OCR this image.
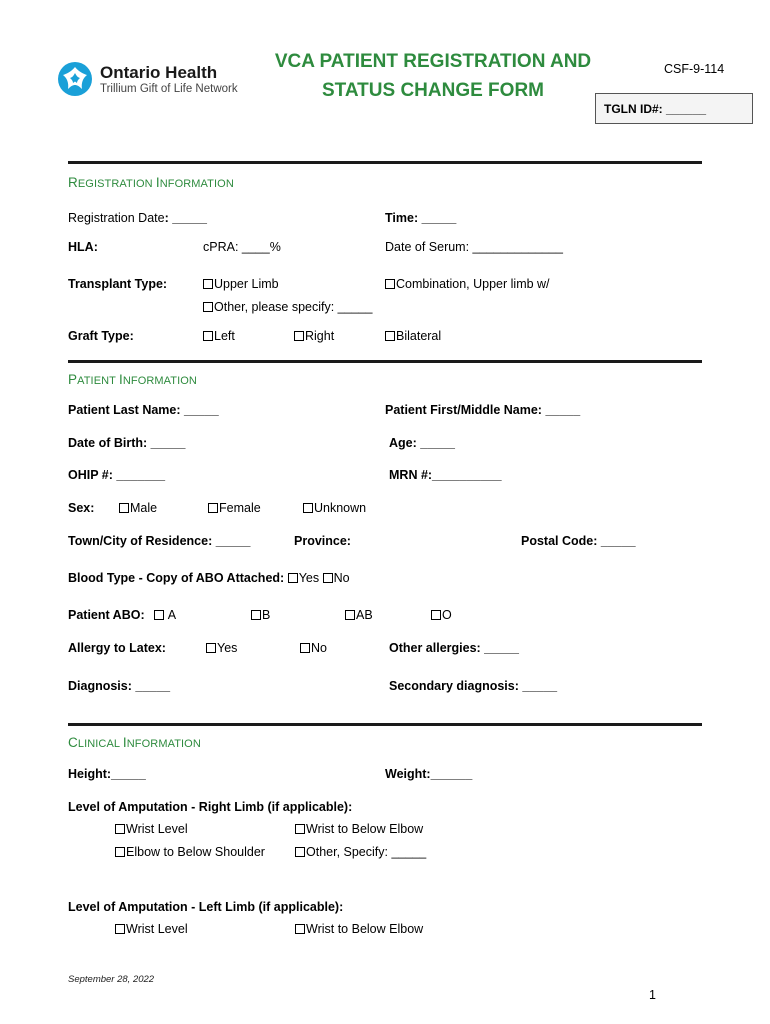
Ontario Health
Trillium Gift of Life Network
VCA PATIENT REGISTRATION AND
STATUS CHANGE FORM
CSF-9-114
TGLN ID#: ______
REGISTRATION INFORMATION
Registration Date: _____	Time: _____
HLA:	cPRA: ____%	Date of Serum: _____________
Transplant Type:	Upper Limb	Combination, Upper limb w/
Other, please specify: _____
Graft Type:	Left	Right	Bilateral
PATIENT INFORMATION
Patient Last Name: _____	Patient First/Middle Name: _____
Date of Birth: _____	Age: _____
OHIP #: _______	MRN #:__________
Sex:	Male	Female	Unknown
Town/City of Residence: _____	Province:	Postal Code: _____
Blood Type - Copy of ABO Attached: Yes No
Patient ABO:	A	B	AB	O
Allergy to Latex:	Yes	No	Other allergies: _____
Diagnosis: _____	Secondary diagnosis: _____
CLINICAL INFORMATION
Height:_____	Weight:______
Level of Amputation - Right Limb (if applicable):
Wrist Level	Wrist to Below Elbow
Elbow to Below Shoulder	Other, Specify: _____
Level of Amputation - Left Limb (if applicable):
Wrist Level	Wrist to Below Elbow
September 28, 2022
1
